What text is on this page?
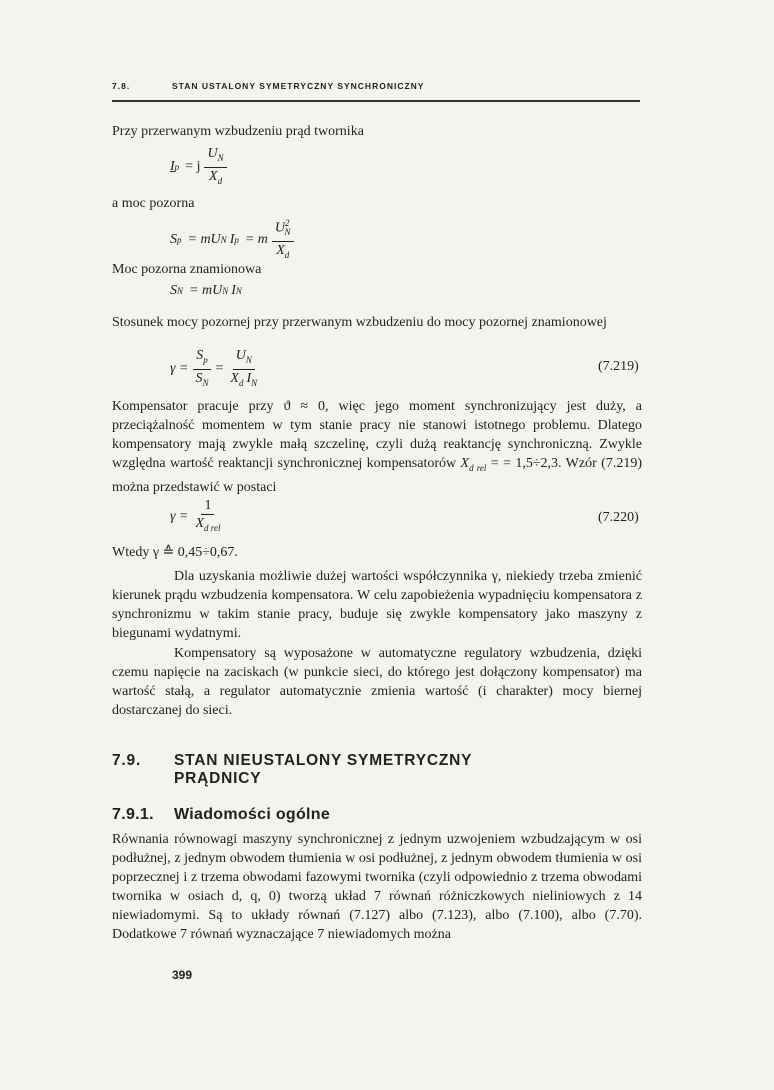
7.8.	STAN USTALONY SYMETRYCZNY SYNCHRONICZNY
Przy przerwanym wzbudzeniu prąd twornika
I p = j $\frac{U_N}{X_d}$
a moc pozorna
S p = mU N I p = m $\frac{U^2_N}{X_d}$
Moc pozorna znamionowa
S N = mU N I N
Stosunek mocy pozornej przy przerwanym wzbudzeniu do mocy pozornej znamionowej
$\gamma = \frac{S_p}{S_N} = \frac{U_N}{X_d I_N}$	(7.219)
Kompensator pracuje przy ϑ ≈ 0, więc jego moment synchronizujący jest duży, a przeciążalność momentem w tym stanie pracy nie stanowi istotnego problemu. Dlatego kompensatory mają zwykle małą szczelinę, czyli dużą reaktancję synchroniczną. Zwykle względna wartość reaktancji synchronicznej kompensatorów $X_{d rel}$ = = 1,5÷2,3. Wzór (7.219) można przedstawić w postaci
$\gamma = \frac{1}{X_{d rel}}$	(7.220)
Wtedy γ ≙ 0,45÷0,67.
Dla uzyskania możliwie dużej wartości współczynnika γ, niekiedy trzeba zmienić kierunek prądu wzbudzenia kompensatora. W celu zapobieżenia wypadnięciu kompensatora z synchronizmu w takim stanie pracy, buduje się zwykle kompensatory jako maszyny z biegunami wydatnymi.
Kompensatory są wyposażone w automatyczne regulatory wzbudzenia, dzięki czemu napięcie na zaciskach (w punkcie sieci, do którego jest dołączony kompensator) ma wartość stałą, a regulator automatycznie zmienia wartość (i charakter) mocy biernej dostarczanej do sieci.
7.9.	STAN NIEUSTALONY SYMETRYCZNY
PRĄDNICY
7.9.1. Wiadomości ogólne
Równania równowagi maszyny synchronicznej z jednym uzwojeniem wzbudzającym w osi podłużnej, z jednym obwodem tłumienia w osi podłużnej, z jednym obwodem tłumienia w osi poprzecznej i z trzema obwodami fazowymi twornika (czyli odpowiednio z trzema obwodami twornika w osiach d, q, 0) tworzą układ 7 równań różniczkowych nieliniowych z 14 niewiadomymi. Są to układy równań (7.127) albo (7.123), albo (7.100), albo (7.70). Dodatkowe 7 równań wyznaczające 7 niewiadomych można
399
